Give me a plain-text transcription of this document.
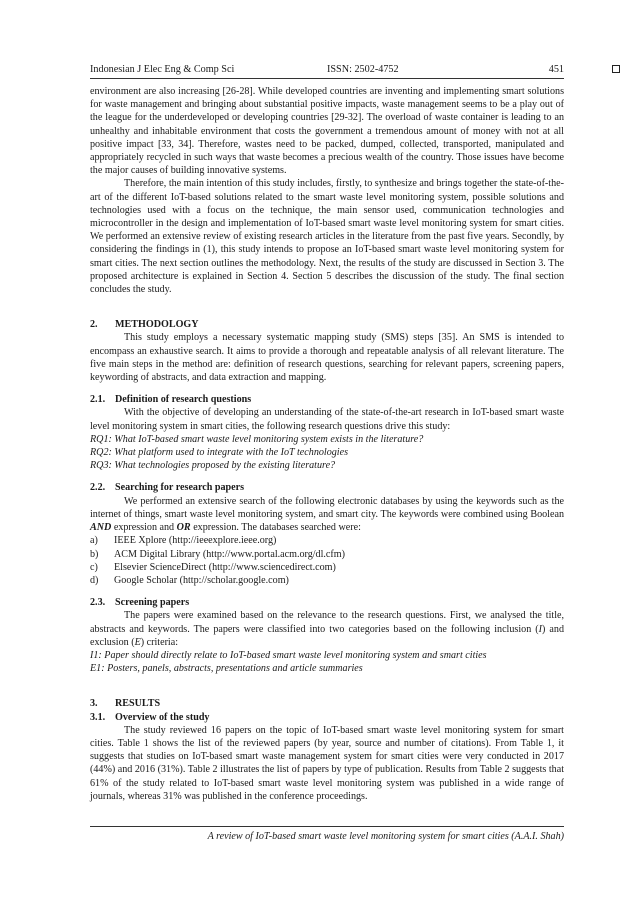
Indonesian J Elec Eng & Comp Sci	ISSN: 2502-4752	451

environment are also increasing [26-28]. While developed countries are inventing and implementing smart solutions for waste management and bringing about substantial positive impacts, waste management seems to be a play out of the league for the underdeveloped or developing countries [29-32]. The overload of waste container is leading to an unhealthy and inhabitable environment that costs the government a tremendous amount of money with not at all positive impact [33, 34]. Therefore, wastes need to be packed, dumped, collected, transported, manipulated and appropriately recycled in such ways that waste becomes a precious wealth of the country. Those issues have become the major causes of building innovative systems.

Therefore, the main intention of this study includes, firstly, to synthesize and brings together the state-of-the-art of the different IoT-based solutions related to the smart waste level monitoring system, possible solutions and technologies used with a focus on the technique, the main sensor used, communication technologies and microcontroller in the design and implementation of IoT-based smart waste level monitoring system for smart cities. We performed an extensive review of existing research articles in the literature from the past five years. Secondly, by considering the findings in (1), this study intends to propose an IoT-based smart waste level monitoring system for smart cities. The next section outlines the methodology. Next, the results of the study are discussed in Section 3. The proposed architecture is explained in Section 4. Section 5 describes the discussion of the study. The final section concludes the study.

2. METHODOLOGY

This study employs a necessary systematic mapping study (SMS) steps [35]. An SMS is intended to encompass an exhaustive search. It aims to provide a thorough and repeatable analysis of all relevant literature. The five main steps in the method are: definition of research questions, searching for relevant papers, screening papers, keywording of abstracts, and data extraction and mapping.

2.1. Definition of research questions

With the objective of developing an understanding of the state-of-the-art research in IoT-based smart waste level monitoring system in smart cities, the following research questions drive this study:

RQ1: What IoT-based smart waste level monitoring system exists in the literature?

RQ2: What platform used to integrate with the IoT technologies

RQ3: What technologies proposed by the existing literature?

2.2. Searching for research papers

We performed an extensive search of the following electronic databases by using the keywords such as the internet of things, smart waste level monitoring system, and smart city. The keywords were combined using Boolean AND expression and OR expression. The databases searched were:

a) IEEE Xplore (http://ieeexplore.ieee.org)

b) ACM Digital Library (http://www.portal.acm.org/dl.cfm)

c) Elsevier ScienceDirect (http://www.sciencedirect.com)

d) Google Scholar (http://scholar.google.com)

2.3. Screening papers

The papers were examined based on the relevance to the research questions. First, we analysed the title, abstracts and keywords. The papers were classified into two categories based on the following inclusion (I) and exclusion (E) criteria:

I1: Paper should directly relate to IoT-based smart waste level monitoring system and smart cities

E1: Posters, panels, abstracts, presentations and article summaries

3. RESULTS
3.1. Overview of the study

The study reviewed 16 papers on the topic of IoT-based smart waste level monitoring system for smart cities. Table 1 shows the list of the reviewed papers (by year, source and number of citations). From Table 1, it suggests that studies on IoT-based smart waste management system for smart cities were very conducted in 2017 (44%) and 2016 (31%). Table 2 illustrates the list of papers by type of publication. Results from Table 2 suggests that 61% of the study related to IoT-based smart waste level monitoring system was published in a wide range of journals, whereas 31% was published in the conference proceedings.

A review of IoT-based smart waste level monitoring system for smart cities (A.A.I. Shah)
